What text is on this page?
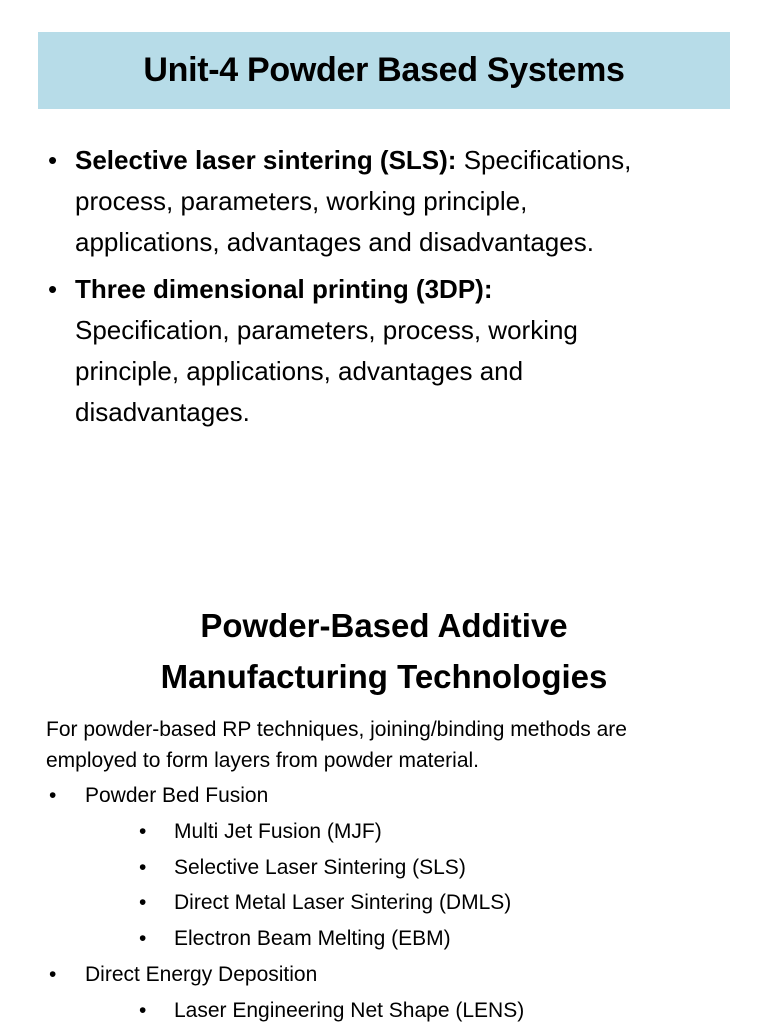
Unit-4 Powder Based Systems
• Selective laser sintering (SLS): Specifications,
process, parameters, working principle,
applications, advantages and disadvantages.
• Three dimensional printing (3DP):
Specification, parameters, process, working
principle, applications, advantages and
disadvantages.
Powder-Based Additive
Manufacturing Technologies

For powder-based RP techniques, joining/binding methods are
employed to form layers from powder material.

• Powder Bed Fusion
• Multi Jet Fusion (MJF)
• Selective Laser Sintering (SLS)
• Direct Metal Laser Sintering (DMLS)
• Electron Beam Melting (EBM)
• Direct Energy Deposition
• Laser Engineering Net Shape (LENS)
